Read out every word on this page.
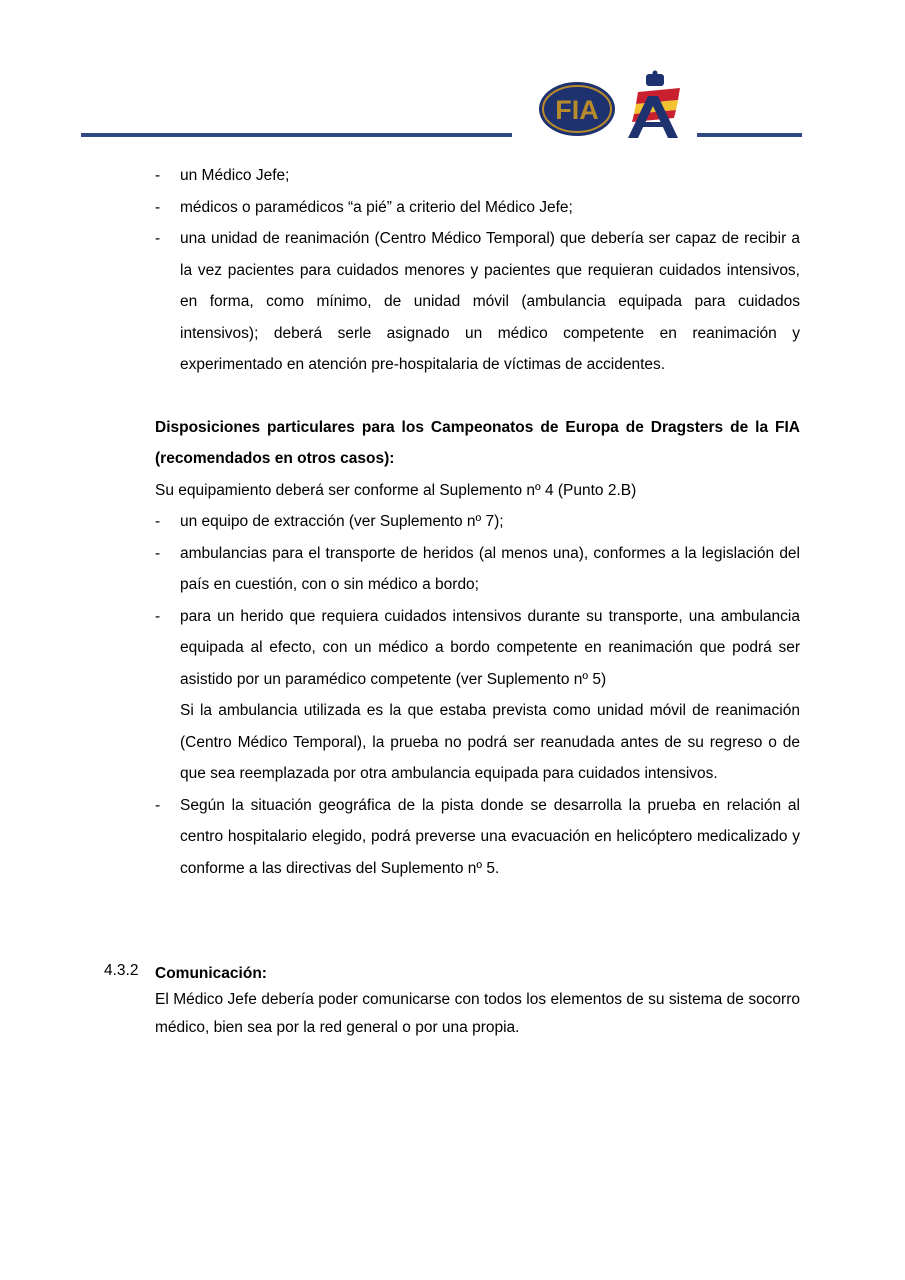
FIA
- un Médico Jefe;
- médicos o paramédicos “a pié” a criterio del Médico Jefe;
- una unidad de reanimación (Centro Médico Temporal) que debería ser capaz de recibir a la vez pacientes para cuidados menores y pacientes que requieran cuidados intensivos, en forma, como mínimo, de unidad móvil (ambulancia equipada para cuidados intensivos); deberá serle asignado un médico competente en reanimación y experimentado en atención pre-hospitalaria de víctimas de accidentes.
Disposiciones particulares para los Campeonatos de Europa de Dragsters de la FIA (recomendados en otros casos):
Su equipamiento deberá ser conforme al Suplemento nº 4 (Punto 2.B)
- un equipo de extracción (ver Suplemento nº 7);
- ambulancias para el transporte de heridos (al menos una), conformes a la legislación del país en cuestión, con o sin médico a bordo;
- para un herido que requiera cuidados intensivos durante su transporte, una ambulancia equipada al efecto, con un médico a bordo competente en reanimación que podrá ser asistido por un paramédico competente (ver Suplemento nº 5)
Si la ambulancia utilizada es la que estaba prevista como unidad móvil de reanimación (Centro Médico Temporal), la prueba no podrá ser reanudada antes de su regreso o de que sea reemplazada por otra ambulancia equipada para cuidados intensivos.
- Según la situación geográfica de la pista donde se desarrolla la prueba en relación al centro hospitalario elegido, podrá preverse una evacuación en helicóptero medicalizado y conforme a las directivas del Suplemento nº 5.
4.3.2 Comunicación:
El Médico Jefe debería poder comunicarse con todos los elementos de su sistema de socorro médico, bien sea por la red general o por una propia.
